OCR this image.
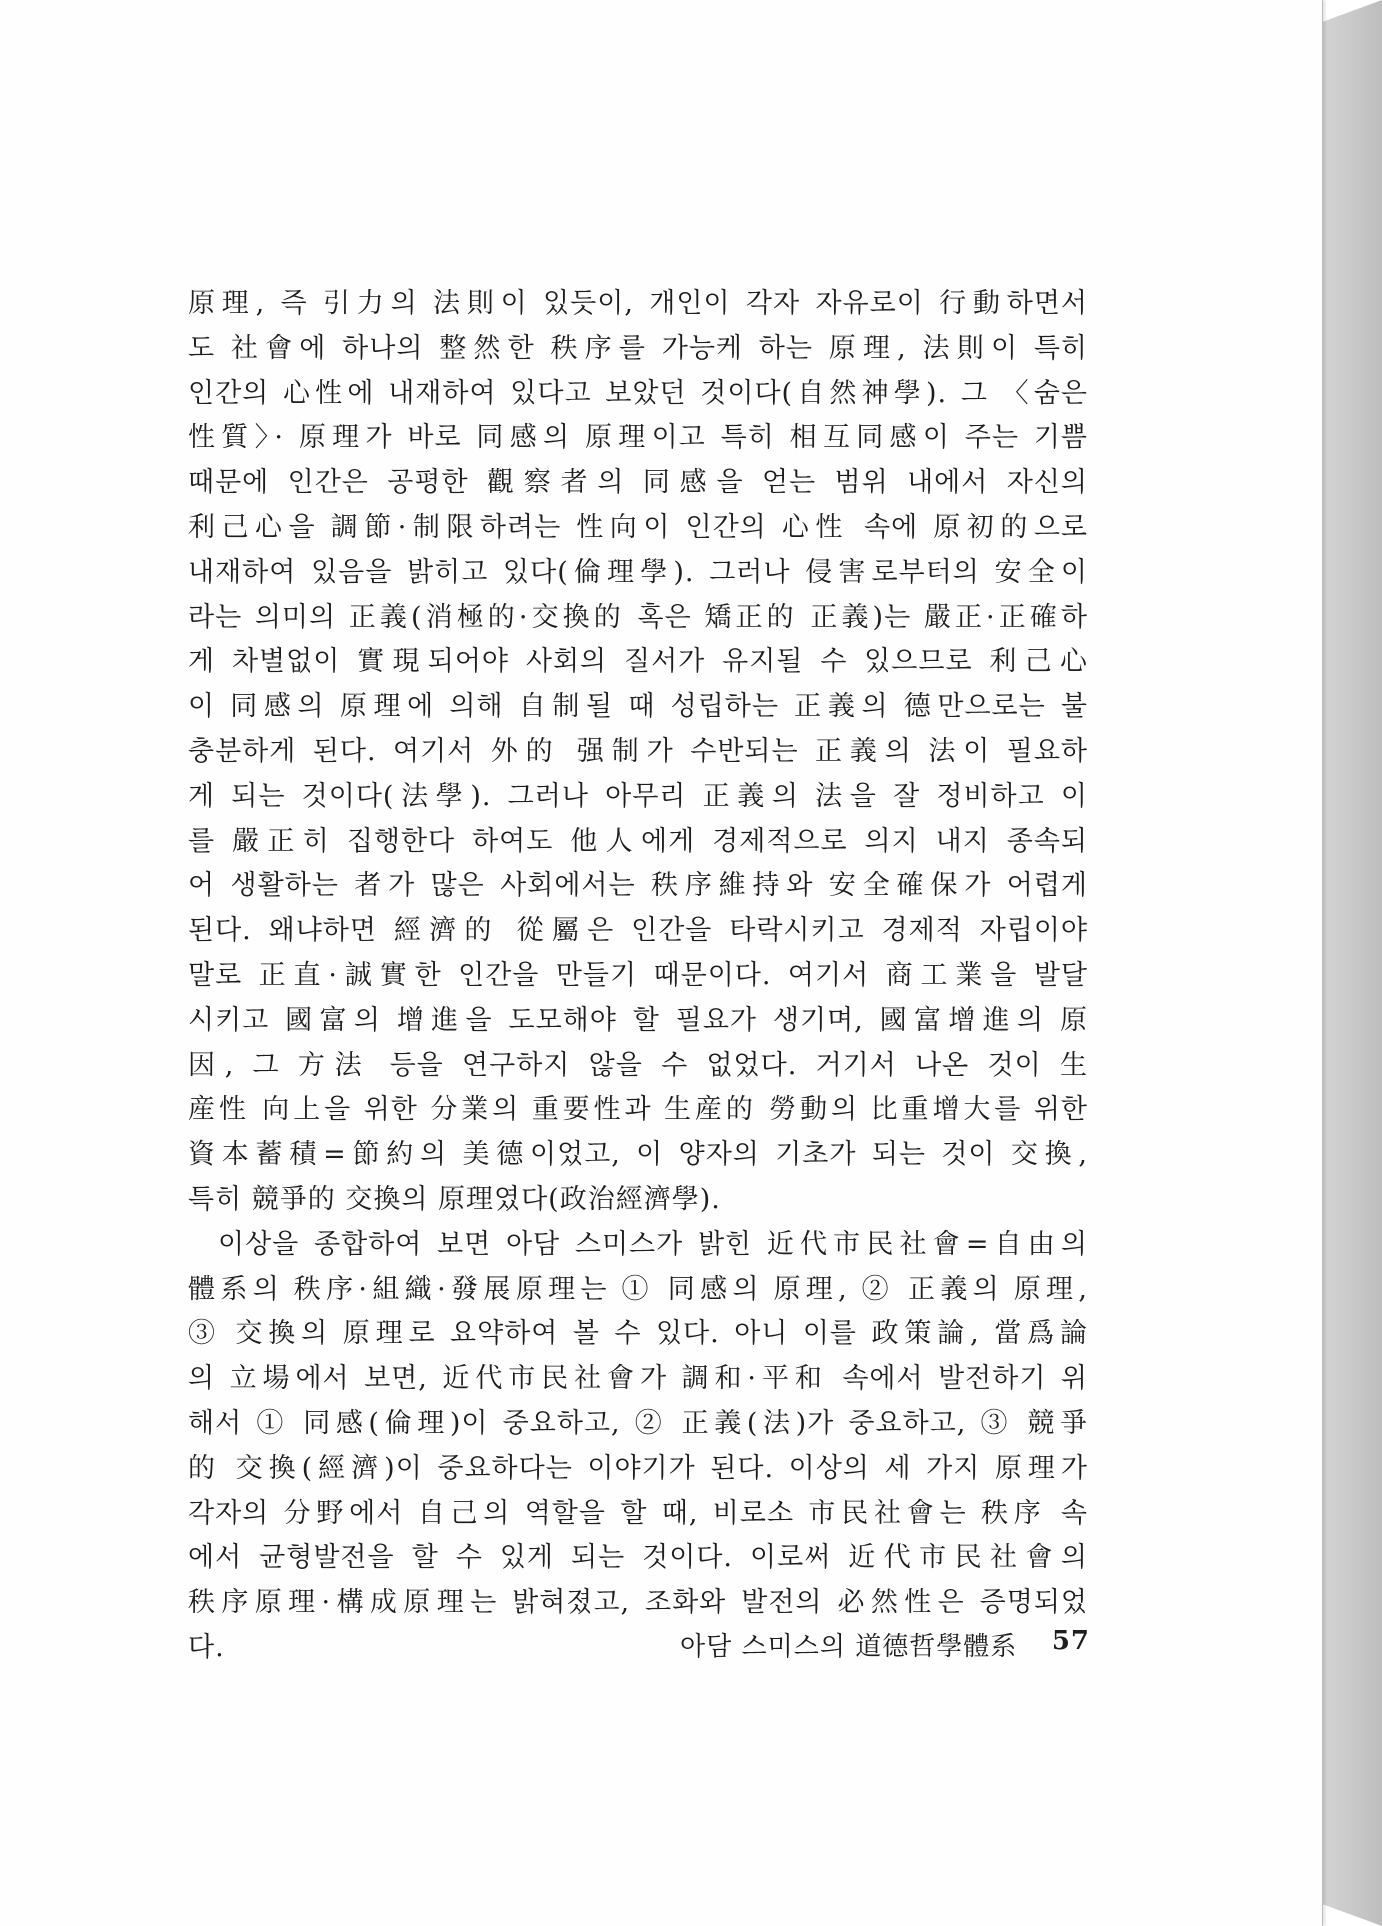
原理, 즉 引力의 法則이 있듯이, 개인이 각자 자유로이 行動하면서
도 社會에 하나의 整然한 秩序를 가능케 하는 原理, 法則이 특히
인간의 心性에 내재하여 있다고 보았던 것이다(自然神學). 그 〈숨은
性質〉· 原理가 바로 同感의 原理이고 특히 相互同感이 주는 기쁨
때문에 인간은 공평한 觀察者의 同感을 얻는 범위 내에서 자신의
利己心을 調節·制限하려는 性向이 인간의 心性 속에 原初的으로
내재하여 있음을 밝히고 있다(倫理學). 그러나 侵害로부터의 安全이
라는 의미의 正義(消極的·交換的 혹은 矯正的 正義)는 嚴正·正確하
게 차별없이 實現되어야 사회의 질서가 유지될 수 있으므로 利己心
이 同感의 原理에 의해 自制될 때 성립하는 正義의 德만으로는 불
충분하게 된다. 여기서 外的 强制가 수반되는 正義의 法이 필요하
게 되는 것이다(法學). 그러나 아무리 正義의 法을 잘 정비하고 이
를 嚴正히 집행한다 하여도 他人에게 경제적으로 의지 내지 종속되
어 생활하는 者가 많은 사회에서는 秩序維持와 安全確保가 어렵게
된다. 왜냐하면 經濟的 從屬은 인간을 타락시키고 경제적 자립이야
말로 正直·誠實한 인간을 만들기 때문이다. 여기서 商工業을 발달
시키고 國富의 增進을 도모해야 할 필요가 생기며, 國富增進의 原
因, 그 方法 등을 연구하지 않을 수 없었다. 거기서 나온 것이 生
産性 向上을 위한 分業의 重要性과 生産的 勞動의 比重增大를 위한
資本蓄積=節約의 美德이었고, 이 양자의 기초가 되는 것이 交換,
특히 競爭的 交換의 原理였다(政治經濟學).
이상을 종합하여 보면 아담 스미스가 밝힌 近代市民社會=自由의
體系의 秩序·組織·發展原理는 ① 同感의 原理, ② 正義의 原理,
③ 交換의 原理로 요약하여 볼 수 있다. 아니 이를 政策論, 當爲論
의 立場에서 보면, 近代市民社會가 調和·平和 속에서 발전하기 위
해서 ① 同感(倫理)이 중요하고, ② 正義(法)가 중요하고, ③ 競爭
的 交換(經濟)이 중요하다는 이야기가 된다. 이상의 세 가지 原理가
각자의 分野에서 自己의 역할을 할 때, 비로소 市民社會는 秩序 속
에서 균형발전을 할 수 있게 되는 것이다. 이로써 近代市民社會의
秩序原理·構成原理는 밝혀졌고, 조화와 발전의 必然性은 증명되었
다.	아담 스미스의 道德哲學體系 57
